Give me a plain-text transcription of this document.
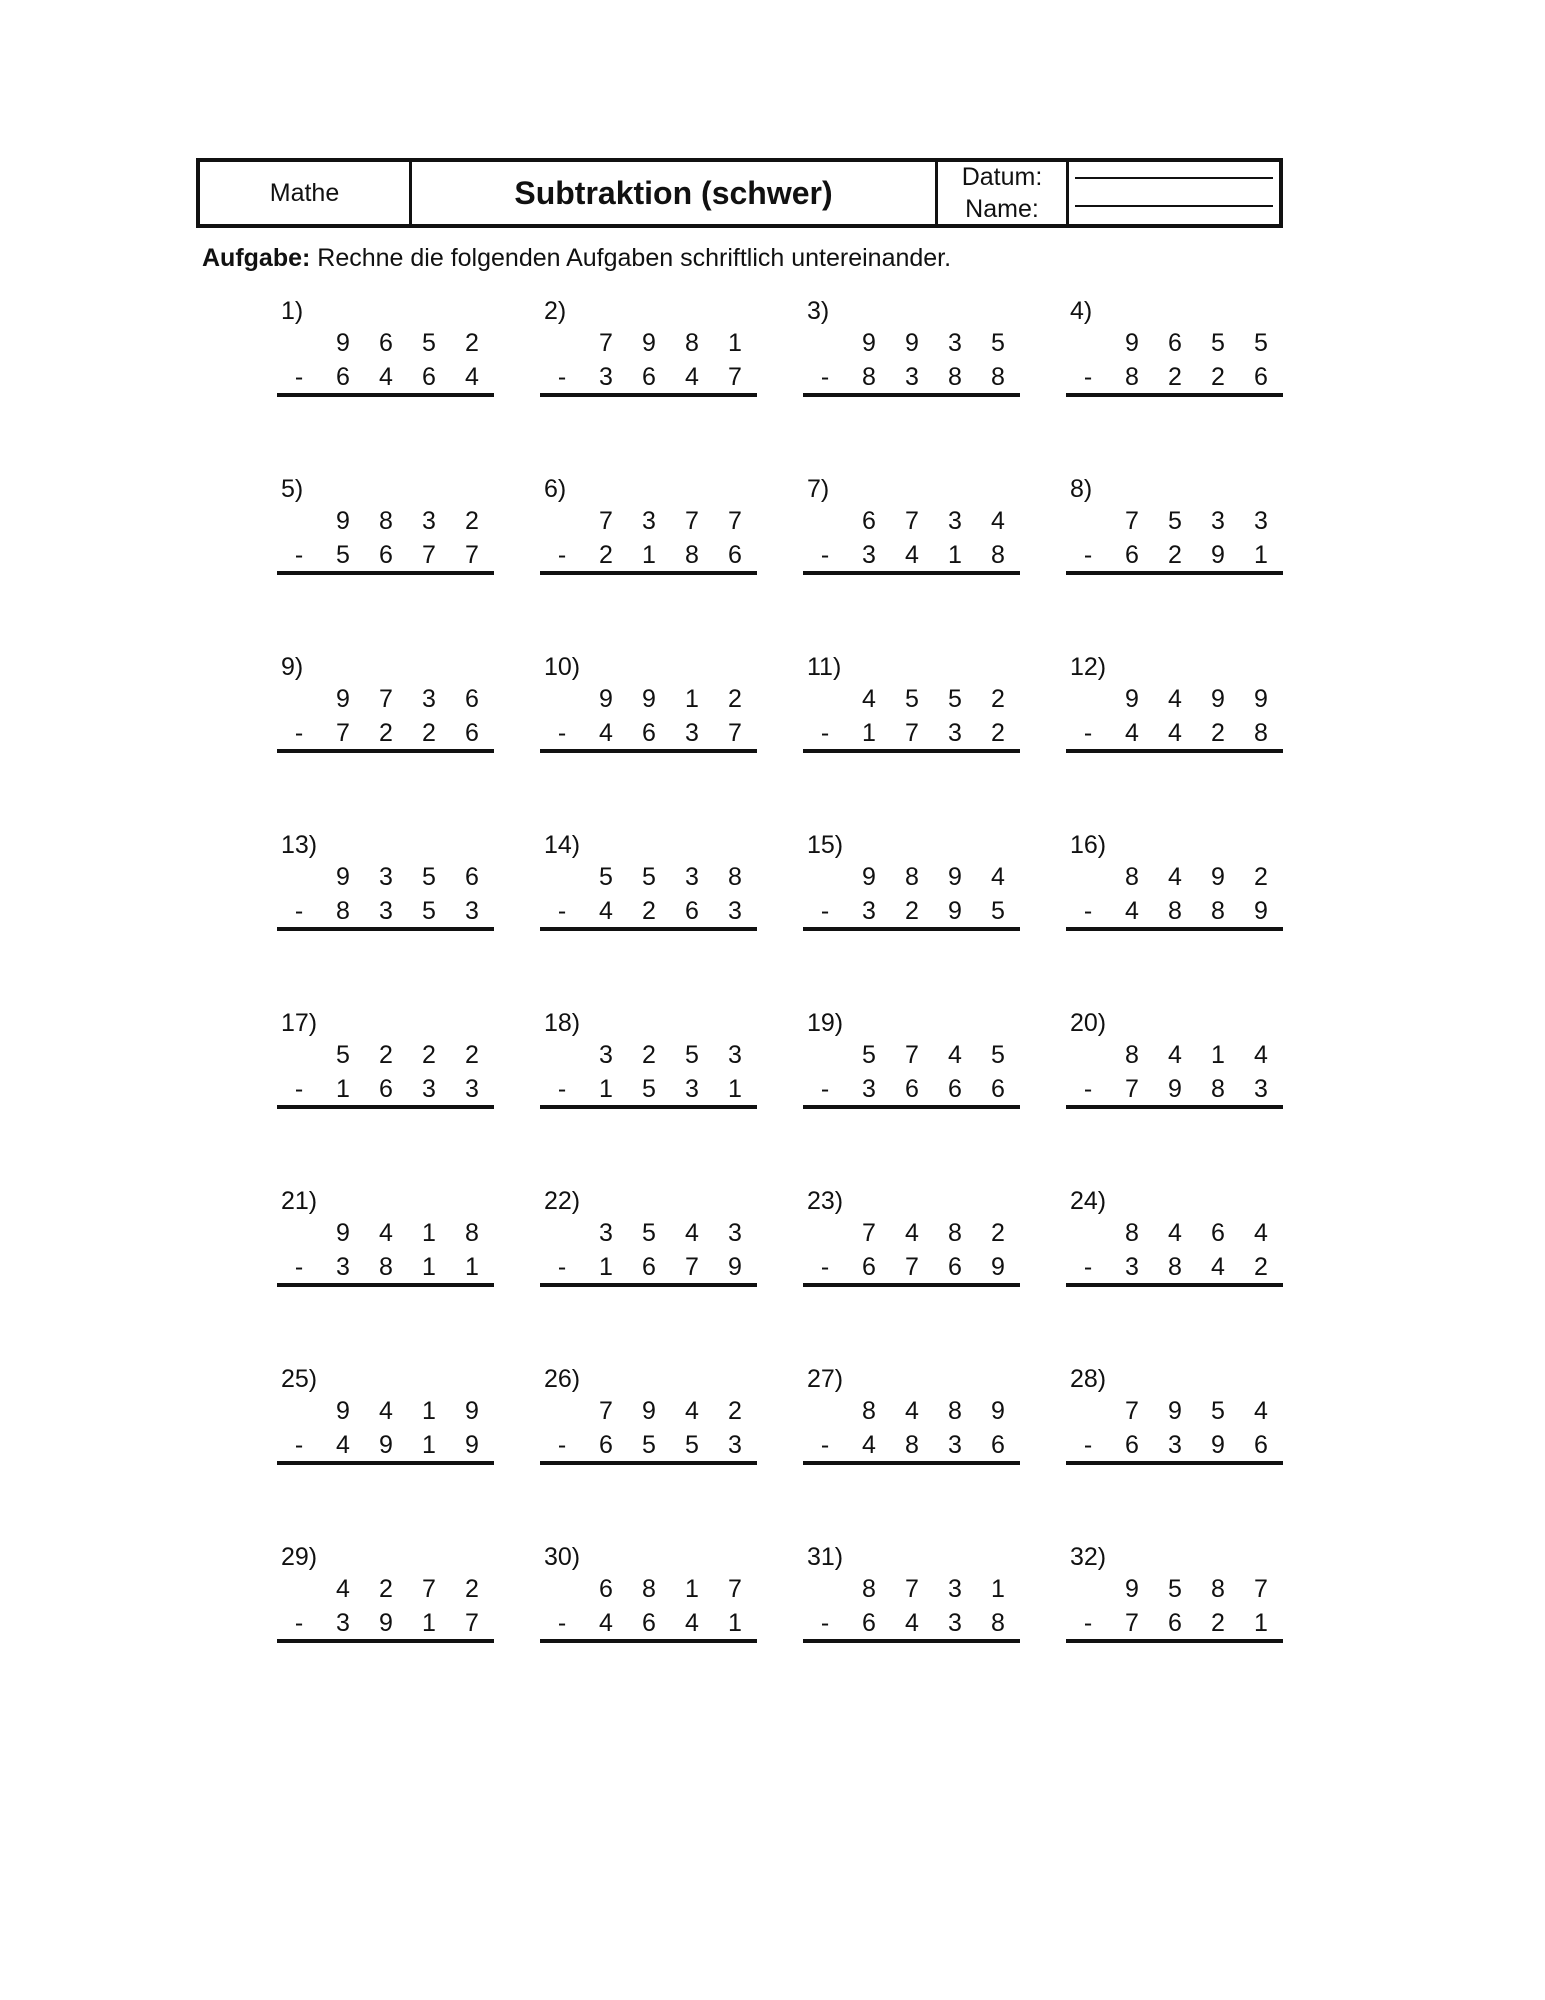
Mathe	Subtraktion (schwer)	Datum:
Name:
Aufgabe: Rechne die folgenden Aufgaben schriftlich untereinander.
1)
9 6 5 2
- 6 4 6 4
2)
7 9 8 1
- 3 6 4 7
3)
9 9 3 5
- 8 3 8 8
4)
9 6 5 5
- 8 2 2 6
5)
9 8 3 2
- 5 6 7 7
6)
7 3 7 7
- 2 1 8 6
7)
6 7 3 4
- 3 4 1 8
8)
7 5 3 3
- 6 2 9 1
9)
9 7 3 6
- 7 2 2 6
10)
9 9 1 2
- 4 6 3 7
11)
4 5 5 2
- 1 7 3 2
12)
9 4 9 9
- 4 4 2 8
13)
9 3 5 6
- 8 3 5 3
14)
5 5 3 8
- 4 2 6 3
15)
9 8 9 4
- 3 2 9 5
16)
8 4 9 2
- 4 8 8 9
17)
5 2 2 2
- 1 6 3 3
18)
3 2 5 3
- 1 5 3 1
19)
5 7 4 5
- 3 6 6 6
20)
8 4 1 4
- 7 9 8 3
21)
9 4 1 8
- 3 8 1 1
22)
3 5 4 3
- 1 6 7 9
23)
7 4 8 2
- 6 7 6 9
24)
8 4 6 4
- 3 8 4 2
25)
9 4 1 9
- 4 9 1 9
26)
7 9 4 2
- 6 5 5 3
27)
8 4 8 9
- 4 8 3 6
28)
7 9 5 4
- 6 3 9 6
29)
4 2 7 2
- 3 9 1 7
30)
6 8 1 7
- 4 6 4 1
31)
8 7 3 1
- 6 4 3 8
32)
9 5 8 7
- 7 6 2 1
